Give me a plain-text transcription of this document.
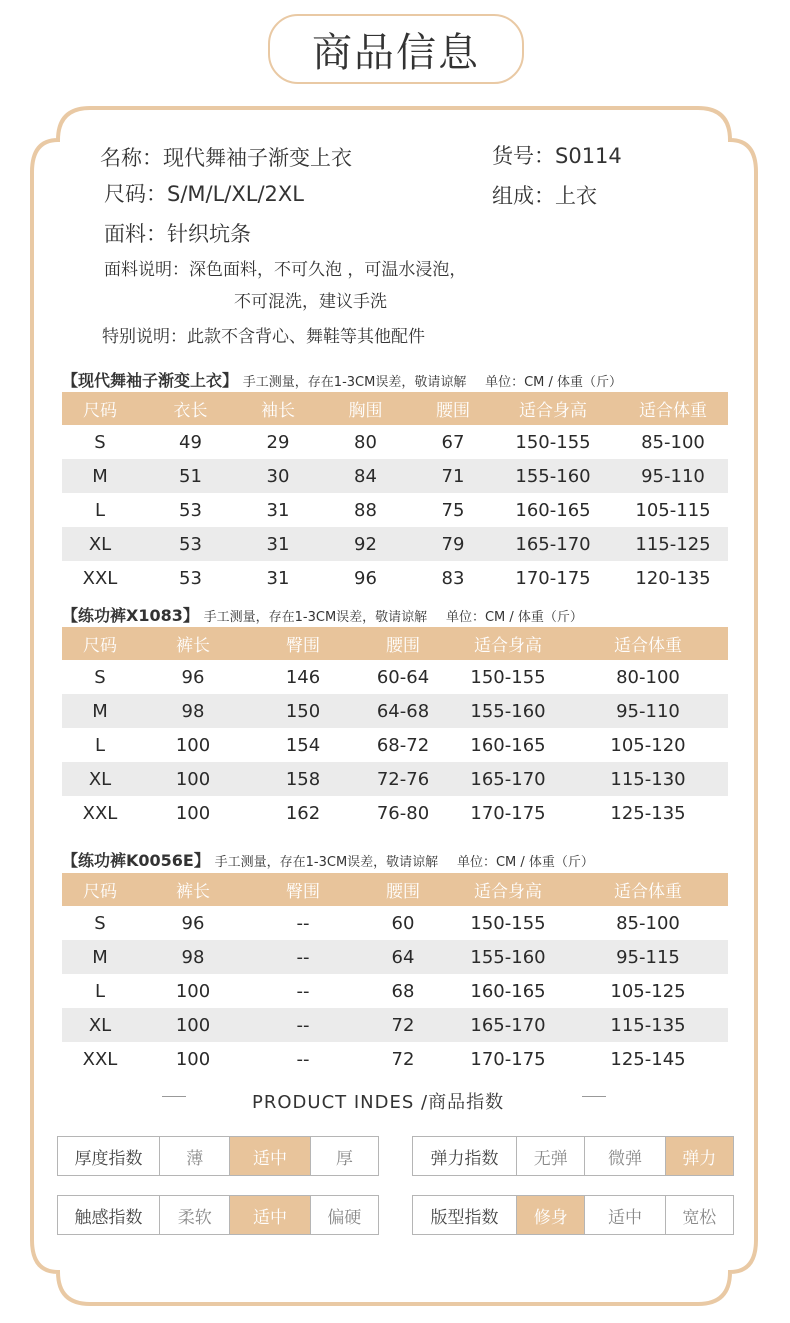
商品信息
名称：现代舞袖子渐变上衣	货号：S0114
尺码：S/M/L/XL/2XL	组成：上衣
面料：针织坑条
面料说明：深色面料，不可久泡 ，可温水浸泡，
不可混洗，建议手洗
特别说明：此款不含背心、舞鞋等其他配件
【现代舞袖子渐变上衣】 手工测量，存在1-3CM误差，敬请谅解 单位：CM / 体重（斤）
尺码	衣长	袖长	胸围	腰围	适合身高	适合体重
S	49	29	80	67	150-155	85-100
M	51	30	84	71	155-160	95-110
L	53	31	88	75	160-165	105-115
XL	53	31	92	79	165-170	115-125
XXL	53	31	96	83	170-175	120-135
【练功裤X1083】 手工测量，存在1-3CM误差，敬请谅解 单位：CM / 体重（斤）
尺码	裤长	臀围	腰围	适合身高	适合体重
S	96	146	60-64	150-155	80-100
M	98	150	64-68	155-160	95-110
L	100	154	68-72	160-165	105-120
XL	100	158	72-76	165-170	115-130
XXL	100	162	76-80	170-175	125-135
【练功裤K0056E】 手工测量，存在1-3CM误差，敬请谅解 单位：CM / 体重（斤）
尺码	裤长	臀围	腰围	适合身高	适合体重
S	96	--	60	150-155	85-100
M	98	--	64	155-160	95-115
L	100	--	68	160-165	105-125
XL	100	--	72	165-170	115-135
XXL	100	--	72	170-175	125-145
PRODUCT INDES /商品指数
厚度指数	薄	适中	厚	弹力指数	无弹	微弹	弹力
触感指数	柔软	适中	偏硬	版型指数	修身	适中	宽松
